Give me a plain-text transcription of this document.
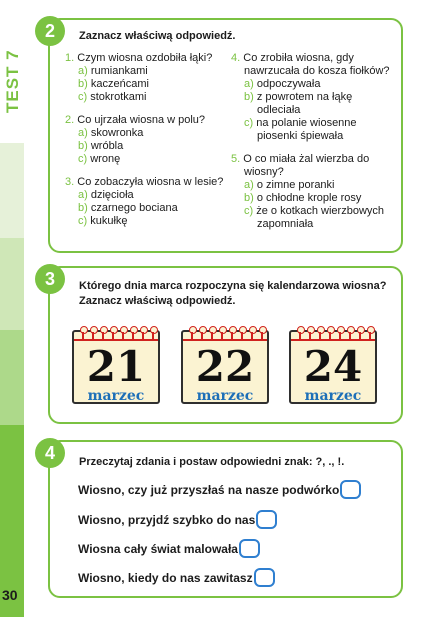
TEST 7
30
2	Zaznacz właściwą odpowiedź.
1. Czym wiosna ozdobiła łąki?
a) rumiankami
b) kaczeńcami
c) stokrotkami
2. Co ujrzała wiosna w polu?
a) skowronka
b) wróbla
c) wronę
3. Co zobaczyła wiosna w lesie?
a) dzięcioła
b) czarnego bociana
c) kukułkę
4. Co zrobiła wiosna, gdy nawrzucała do kosza fiołków?
a) odpoczywała
b) z powrotem na łąkę odleciała
c) na polanie wiosenne piosenki śpiewała
5. O co miała żal wierzba do wiosny?
a) o zimne poranki
b) o chłodne krople rosy
c) że o kotkach wierzbowych zapomniała
3	Którego dnia marca rozpoczyna się kalendarzowa wiosna?
Zaznacz właściwą odpowiedź.
21
marzec
22
marzec
24
marzec
4	Przeczytaj zdania i postaw odpowiedni znak: ?, ., !.
Wiosno, czy już przyszłaś na nasze podwórko
Wiosno, przyjdź szybko do nas
Wiosna cały świat malowała
Wiosno, kiedy do nas zawitasz
